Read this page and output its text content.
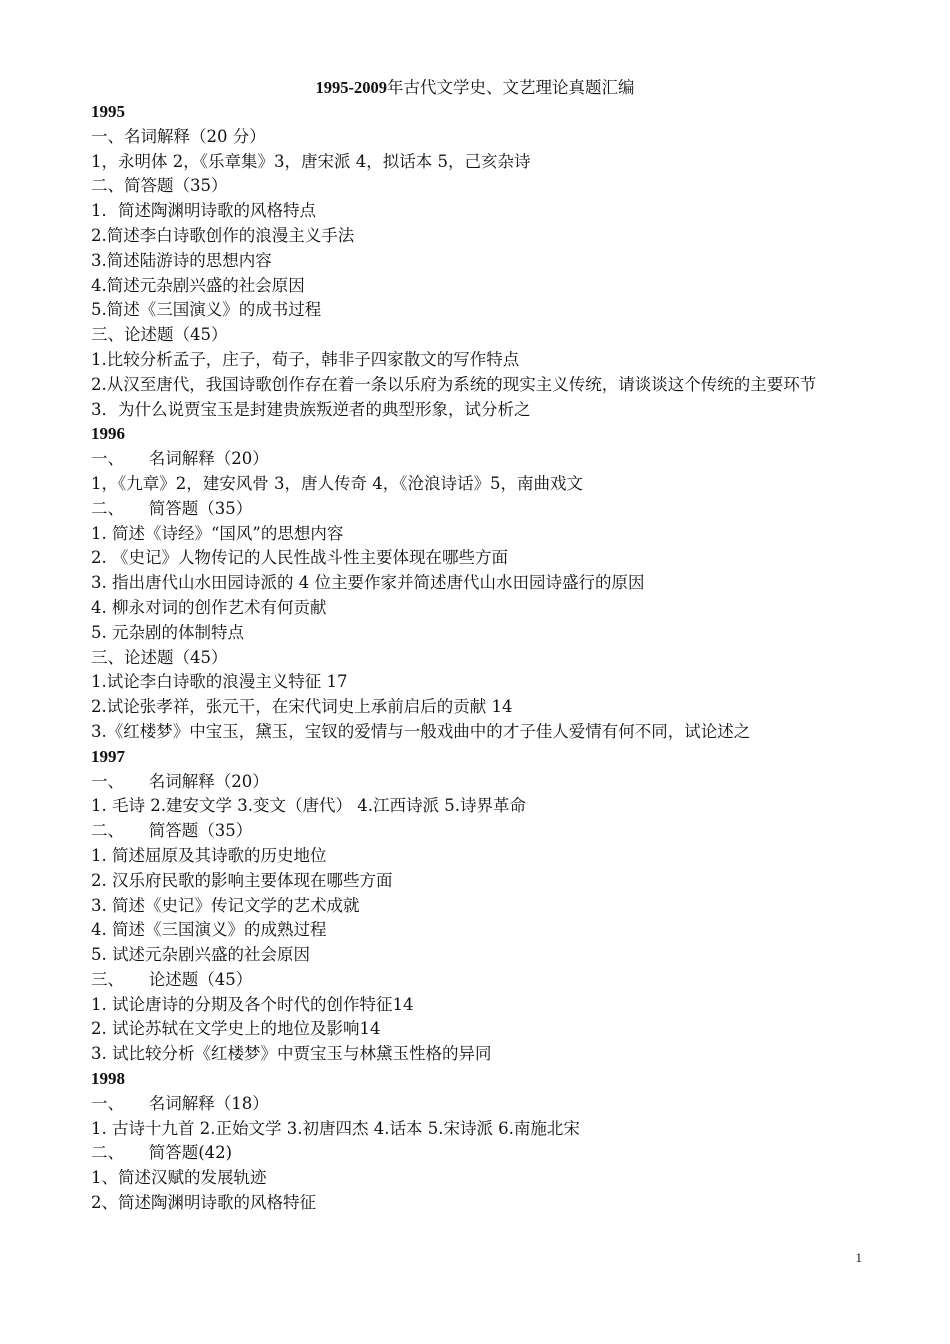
1995-2009年古代文学史、文艺理论真题汇编
1995
一、名词解释（20 分）
1，永明体 2，《乐章集》3，唐宋派 4，拟话本 5，己亥杂诗
二、简答题（35）
1．简述陶渊明诗歌的风格特点
2.简述李白诗歌创作的浪漫主义手法
3.简述陆游诗的思想内容
4.简述元杂剧兴盛的社会原因
5.简述《三国演义》的成书过程
三、论述题（45）
1.比较分析孟子，庄子，荀子，韩非子四家散文的写作特点
2.从汉至唐代，我国诗歌创作存在着一条以乐府为系统的现实主义传统，请谈谈这个传统的主要环节
3．为什么说贾宝玉是封建贵族叛逆者的典型形象，试分析之
1996
一、　　名词解释（20）
1，《九章》2，建安风骨 3，唐人传奇 4，《沧浪诗话》5，南曲戏文
二、　　简答题（35）
1. 简述《诗经》“国风”的思想内容
2. 《史记》人物传记的人民性战斗性主要体现在哪些方面
3. 指出唐代山水田园诗派的 4 位主要作家并简述唐代山水田园诗盛行的原因
4. 柳永对词的创作艺术有何贡献
5. 元杂剧的体制特点
三、论述题（45）
1.试论李白诗歌的浪漫主义特征 17
2.试论张孝祥，张元干，在宋代词史上承前启后的贡献 14
3.《红楼梦》中宝玉，黛玉，宝钗的爱情与一般戏曲中的才子佳人爱情有何不同，试论述之
1997
一、　　名词解释（20）
1. 毛诗 2.建安文学 3.变文（唐代） 4.江西诗派 5.诗界革命
二、　　简答题（35）
1. 简述屈原及其诗歌的历史地位
2. 汉乐府民歌的影响主要体现在哪些方面
3. 简述《史记》传记文学的艺术成就
4. 简述《三国演义》的成熟过程
5. 试述元杂剧兴盛的社会原因
三、　　论述题（45）
1. 试论唐诗的分期及各个时代的创作特征14
2. 试论苏轼在文学史上的地位及影响14
3. 试比较分析《红楼梦》中贾宝玉与林黛玉性格的异同
1998
一、　　名词解释（18）
1. 古诗十九首 2.正始文学 3.初唐四杰 4.话本 5.宋诗派 6.南施北宋
二、　　简答题(42)
1、简述汉赋的发展轨迹
2、简述陶渊明诗歌的风格特征
1
